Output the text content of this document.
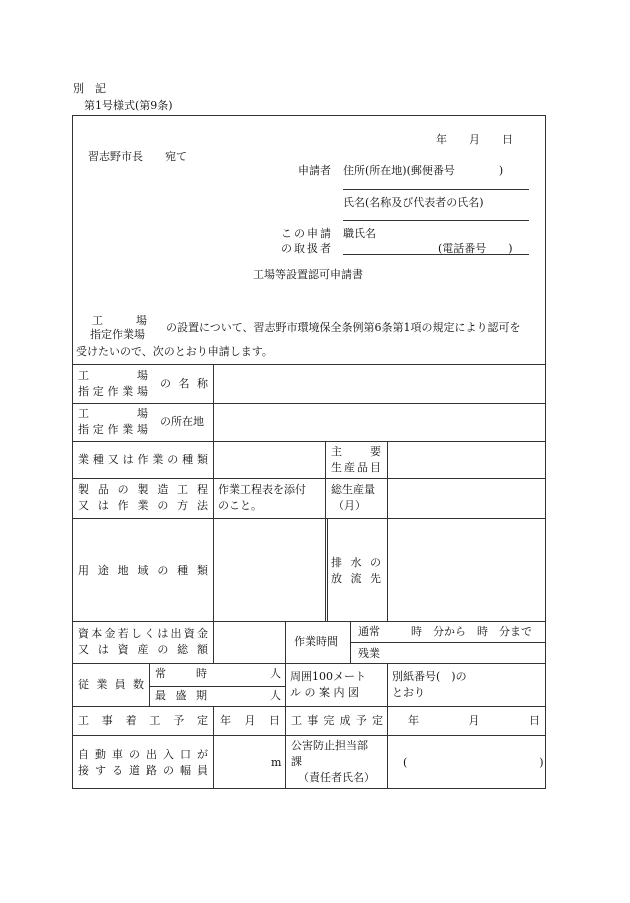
別　記
第1号様式(第9条)
年　　月　　日
習志野市長　　宛て
申請者 住所(所在地)(郵便番号　　　　)
氏名(名称及び代表者の氏名)
この申請
の取扱者
職氏名
(電話番号　　)
工場等設置認可申請書
工　　　場
指定作業場
の設置について、習志野市環境保全条例第6条第1項の規定により認可を
受けたいので、次のとおり申請します。
工　　　場
指定作業場
の名称
工　　　場
指定作業場
の所在地
業種又は作業の種類
主　　要
生産品目
製品の製造工程
又は作業の方法
作業工程表を添付
のこと。
総生産量
（月）
用途地域の種類
排水の
放流先
資本金若しくは出資金
又は資産の総額
作業時間
通常	時　分から　時　分まで
残業
従業員数
常　　時
最盛期
人
人
周囲100メート
ル の 案 内 図
別紙番号(　)の
とおり
工事着工予定 年　月　日 工事完成予定 年　　　月　　　日
自動車の出入口が
接する道路の幅員
m
公害防止担当部
課
（責任者氏名）
(　　　　　　　　　　　　)
